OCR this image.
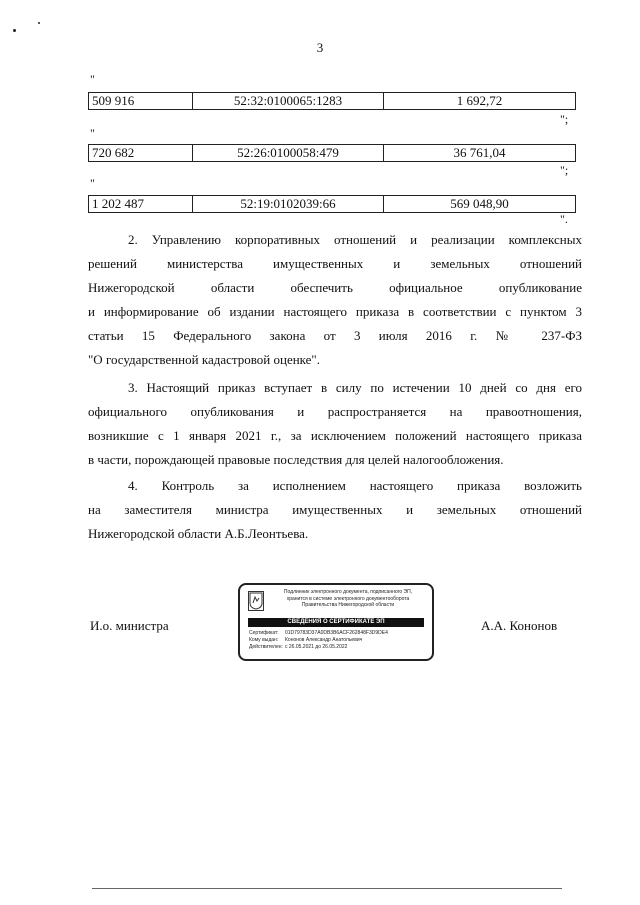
3
"
509 916	52:32:0100065:1283	1 692,72
";
"
720 682	52:26:0100058:479	36 761,04
";
"
1 202 487	52:19:0102039:66	569 048,90
".

2. Управлению корпоративных отношений и реализации комплексных

решений министерства имущественных и земельных отношений

Нижегородской области обеспечить официальное опубликование

и информирование об издании настоящего приказа в соответствии с пунктом 3

статьи 15 Федерального закона от 3 июля 2016 г. № 237-ФЗ

"О государственной кадастровой оценке".

3. Настоящий приказ вступает в силу по истечении 10 дней со дня его

официального опубликования и распространяется на правоотношения,

возникшие с 1 января 2021 г., за исключением положений настоящего приказа

в части, порождающей правовые последствия для целей налогообложения.

4. Контроль за исполнением настоящего приказа возложить

на заместителя министра имущественных и земельных отношений

Нижегородской области А.Б.Леонтьева.

И.о. министра
Подлинник электронного документа, подписанного ЭП,
хранится в системе электронного документооборота
Правительства Нижегородской области
СВЕДЕНИЯ О СЕРТИФИКАТЕ ЭП
Сертификат: 01D79783D37A0DB3B6ACF262848F3D9DE4
Кому выдан: Кононов Александр Анатольевич
Действителен: с 26.05.2021 до 26.05.2022
А.А. Кононов
